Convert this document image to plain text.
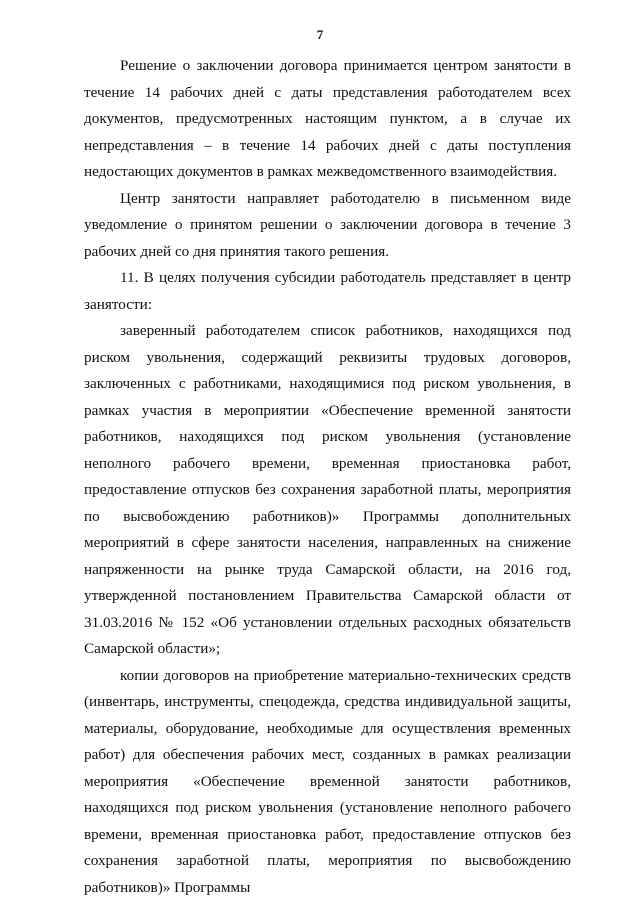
7

Решение о заключении договора принимается центром занятости в течение 14 рабочих дней с даты представления работодателем всех документов, предусмотренных настоящим пунктом, а в случае их непредставления – в течение 14 рабочих дней с даты поступления недостающих документов в рамках межведомственного взаимодействия.

Центр занятости направляет работодателю в письменном виде уведомление о принятом решении о заключении договора в течение 3 рабочих дней со дня принятия такого решения.

11. В целях получения субсидии работодатель представляет в центр занятости:

заверенный работодателем список работников, находящихся под риском увольнения, содержащий реквизиты трудовых договоров, заключенных с работниками, находящимися под риском увольнения, в рамках участия в мероприятии «Обеспечение временной занятости работников, находящихся под риском увольнения (установление неполного рабочего времени, временная приостановка работ, предоставление отпусков без сохранения заработной платы, мероприятия по высвобождению работников)» Программы дополнительных мероприятий в сфере занятости населения, направленных на снижение напряженности на рынке труда Самарской области, на 2016 год, утвержденной постановлением Правительства Самарской области от 31.03.2016 № 152 «Об установлении отдельных расходных обязательств Самарской области»;

копии договоров на приобретение материально-технических средств (инвентарь, инструменты, спецодежда, средства индивидуальной защиты, материалы, оборудование, необходимые для осуществления временных работ) для обеспечения рабочих мест, созданных в рамках реализации мероприятия «Обеспечение временной занятости работников, находящихся под риском увольнения (установление неполного рабочего времени, временная приостановка работ, предоставление отпусков без сохранения заработной платы, мероприятия по высвобождению работников)» Программы
